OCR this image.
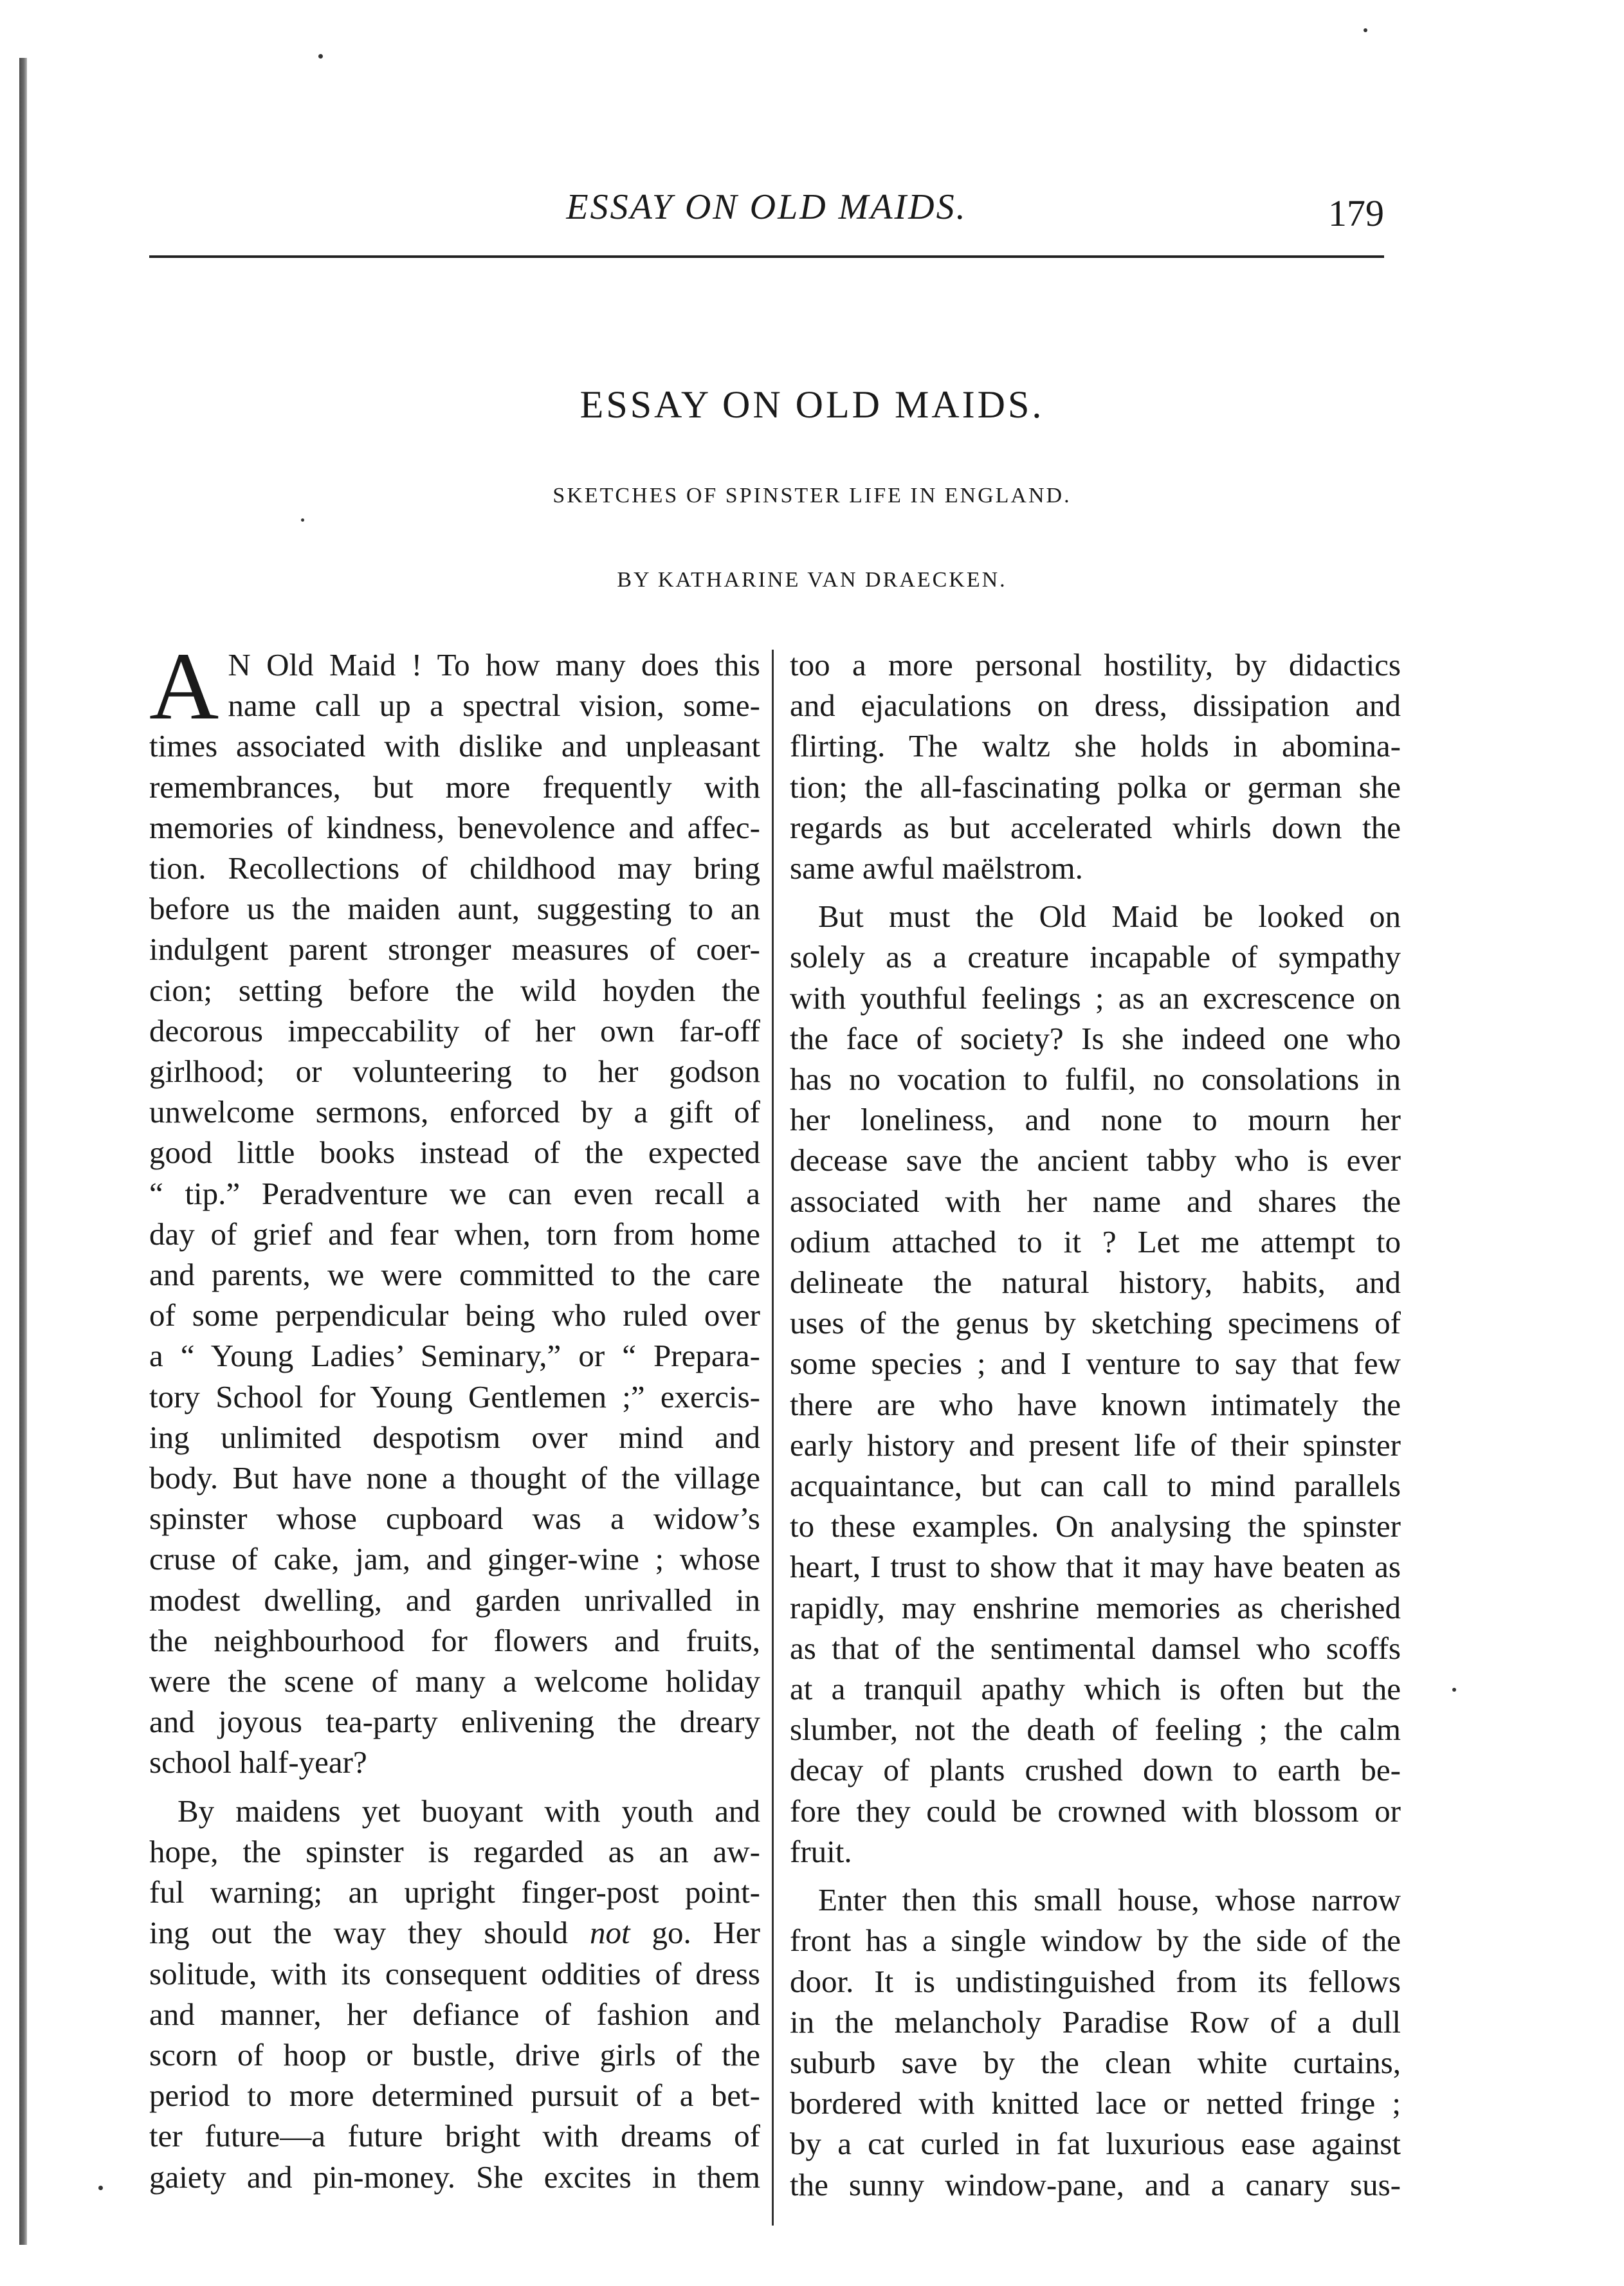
ESSAY ON OLD MAIDS.	179
ESSAY ON OLD MAIDS.
SKETCHES OF SPINSTER LIFE IN ENGLAND.
BY KATHARINE VAN DRAECKEN.
A N Old Maid ! To how many does this
name call up a spectral vision, some-
times associated with dislike and unpleasant
remembrances, but more frequently with
memories of kindness, benevolence and affec-
tion. Recollections of childhood may bring
before us the maiden aunt, suggesting to an
indulgent parent stronger measures of coer-
cion; setting before the wild hoyden the
decorous impeccability of her own far-off
girlhood; or volunteering to her godson
unwelcome sermons, enforced by a gift of
good little books instead of the expected
“ tip.” Peradventure we can even recall a
day of grief and fear when, torn from home
and parents, we were committed to the care
of some perpendicular being who ruled over
a “ Young Ladies’ Seminary,” or “ Prepara-
tory School for Young Gentlemen ;” exercis-
ing unlimited despotism over mind and
body. But have none a thought of the village
spinster whose cupboard was a widow’s
cruse of cake, jam, and ginger-wine ; whose
modest dwelling, and garden unrivalled in
the neighbourhood for flowers and fruits,
were the scene of many a welcome holiday
and joyous tea-party enlivening the dreary
school half-year?
By maidens yet buoyant with youth and
hope, the spinster is regarded as an aw-
ful warning; an upright finger-post point-
ing out the way they should not go. Her
solitude, with its consequent oddities of dress
and manner, her defiance of fashion and
scorn of hoop or bustle, drive girls of the
period to more determined pursuit of a bet-
ter future—a future bright with dreams of
gaiety and pin-money. She excites in them
too a more personal hostility, by didactics
and ejaculations on dress, dissipation and
flirting. The waltz she holds in abomina-
tion; the all-fascinating polka or german she
regards as but accelerated whirls down the
same awful maëlstrom.
But must the Old Maid be looked on
solely as a creature incapable of sympathy
with youthful feelings ; as an excrescence on
the face of society? Is she indeed one who
has no vocation to fulfil, no consolations in
her loneliness, and none to mourn her
decease save the ancient tabby who is ever
associated with her name and shares the
odium attached to it ? Let me attempt to
delineate the natural history, habits, and
uses of the genus by sketching specimens of
some species ; and I venture to say that few
there are who have known intimately the
early history and present life of their spinster
acquaintance, but can call to mind parallels
to these examples. On analysing the spinster
heart, I trust to show that it may have beaten as
rapidly, may enshrine memories as cherished
as that of the sentimental damsel who scoffs
at a tranquil apathy which is often but the
slumber, not the death of feeling ; the calm
decay of plants crushed down to earth be-
fore they could be crowned with blossom or
fruit.
Enter then this small house, whose narrow
front has a single window by the side of the
door. It is undistinguished from its fellows
in the melancholy Paradise Row of a dull
suburb save by the clean white curtains,
bordered with knitted lace or netted fringe ;
by a cat curled in fat luxurious ease against
the sunny window-pane, and a canary sus-
